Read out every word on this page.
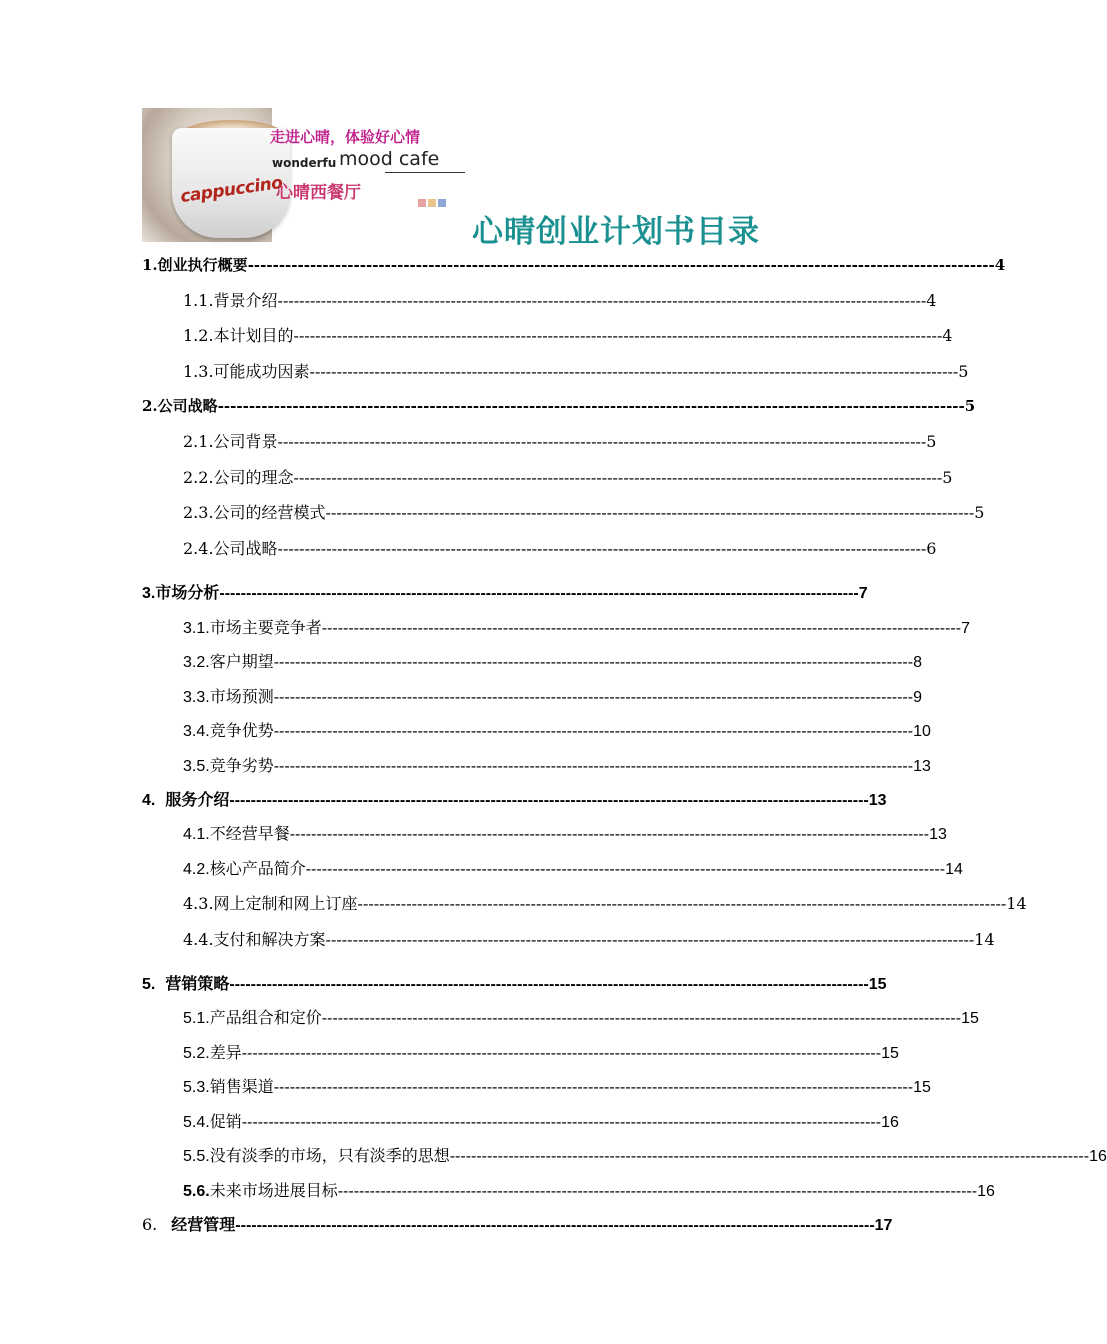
cappuccino
走进心晴，体验好心情
wonderfu mood cafe
心晴西餐厅
心晴创业计划书目录
1. 创业执行概要 ------------------------------------------------------------------------------------------------------------------------ 4
1.1. 背景介绍 ------------------------------------------------------------------------------------------------------------------------ 4
1.2. 本计划目的 ------------------------------------------------------------------------------------------------------------------------ 4
1.3. 可能成功因素 ------------------------------------------------------------------------------------------------------------------------ 5
2. 公司战略 ------------------------------------------------------------------------------------------------------------------------ 5
2.1. 公司背景 ------------------------------------------------------------------------------------------------------------------------ 5
2.2. 公司的理念 ------------------------------------------------------------------------------------------------------------------------ 5
2.3. 公司的经营模式 ------------------------------------------------------------------------------------------------------------------------ 5
2.4. 公司战略 ------------------------------------------------------------------------------------------------------------------------ 6
3. 市场分析 ------------------------------------------------------------------------------------------------------------------------ 7
3.1. 市场主要竞争者 ------------------------------------------------------------------------------------------------------------------------ 7
3.2. 客户期望 ------------------------------------------------------------------------------------------------------------------------ 8
3.3. 市场预测 ------------------------------------------------------------------------------------------------------------------------ 9
3.4. 竞争优势 ------------------------------------------------------------------------------------------------------------------------ 10
3.5. 竞争劣势 ------------------------------------------------------------------------------------------------------------------------ 13
4. 服务介绍 ------------------------------------------------------------------------------------------------------------------------ 13
4.1. 不经营早餐 ------------------------------------------------------------------------------------------------------------------------ 13
4.2. 核心产品简介 ------------------------------------------------------------------------------------------------------------------------ 14
4.3. 网上定制和网上订座 ------------------------------------------------------------------------------------------------------------------------ 14
4.4. 支付和解决方案 ------------------------------------------------------------------------------------------------------------------------ 14
5. 营销策略 ------------------------------------------------------------------------------------------------------------------------ 15
5.1. 产品组合和定价 ------------------------------------------------------------------------------------------------------------------------ 15
5.2. 差异 ------------------------------------------------------------------------------------------------------------------------ 15
5.3. 销售渠道 ------------------------------------------------------------------------------------------------------------------------ 15
5.4. 促销 ------------------------------------------------------------------------------------------------------------------------ 16
5.5. 没有淡季的市场，只有淡季的思想 ------------------------------------------------------------------------------------------------------------------------ 16
5.6. 未来市场进展目标 ------------------------------------------------------------------------------------------------------------------------ 16
6. 经营管理 ------------------------------------------------------------------------------------------------------------------------ 17
